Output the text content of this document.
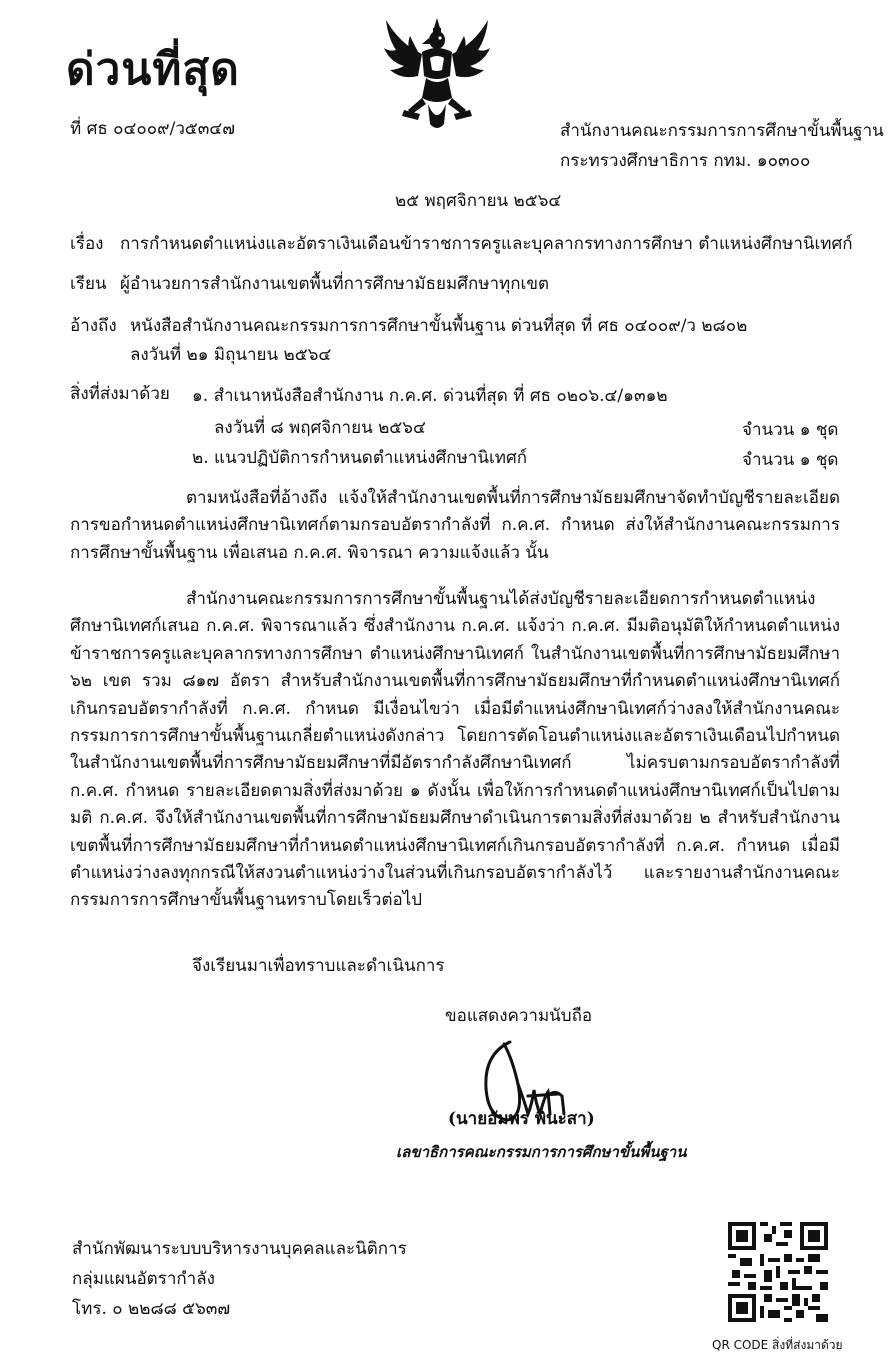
ด่วนที่สุด
ที่ ศธ ๐๔๐๐๙/ว๕๓๔๗	สำนักงานคณะกรรมการการศึกษาขั้นพื้นฐาน
กระทรวงศึกษาธิการ กทม. ๑๐๓๐๐
๒๕ พฤศจิกายน ๒๕๖๔
เรื่อง การกำหนดตำแหน่งและอัตราเงินเดือนข้าราชการครูและบุคลากรทางการศึกษา ตำแหน่งศึกษานิเทศก์
เรียน ผู้อำนวยการสำนักงานเขตพื้นที่การศึกษามัธยมศึกษาทุกเขต
อ้างถึง หนังสือสำนักงานคณะกรรมการการศึกษาขั้นพื้นฐาน ด่วนที่สุด ที่ ศธ ๐๔๐๐๙/ว ๒๘๐๒
ลงวันที่ ๒๑ มิถุนายน ๒๕๖๔
สิ่งที่ส่งมาด้วย ๑. สำเนาหนังสือสำนักงาน ก.ค.ศ. ด่วนที่สุด ที่ ศธ ๐๒๐๖.๔/๑๓๑๒
ลงวันที่ ๘ พฤศจิกายน ๒๕๖๔	จำนวน ๑ ชุด
๒. แนวปฏิบัติการกำหนดตำแหน่งศึกษานิเทศก์	จำนวน ๑ ชุด
ตามหนังสือที่อ้างถึง แจ้งให้สำนักงานเขตพื้นที่การศึกษามัธยมศึกษาจัดทำบัญชีรายละเอียดการขอกำหนดตำแหน่งศึกษานิเทศก์ตามกรอบอัตรากำลังที่ ก.ค.ศ. กำหนด ส่งให้สำนักงานคณะกรรมการการศึกษาขั้นพื้นฐาน เพื่อเสนอ ก.ค.ศ. พิจารณา ความแจ้งแล้ว นั้น
สำนักงานคณะกรรมการการศึกษาขั้นพื้นฐานได้ส่งบัญชีรายละเอียดการกำหนดตำแหน่งศึกษานิเทศก์เสนอ ก.ค.ศ. พิจารณาแล้ว ซึ่งสำนักงาน ก.ค.ศ. แจ้งว่า ก.ค.ศ. มีมติอนุมัติให้กำหนดตำแหน่งข้าราชการครูและบุคลากรทางการศึกษา ตำแหน่งศึกษานิเทศก์ ในสำนักงานเขตพื้นที่การศึกษามัธยมศึกษา ๖๒ เขต รวม ๘๑๗ อัตรา สำหรับสำนักงานเขตพื้นที่การศึกษามัธยมศึกษาที่กำหนดตำแหน่งศึกษานิเทศก์เกินกรอบอัตรากำลังที่ ก.ค.ศ. กำหนด มีเงื่อนไขว่า เมื่อมีตำแหน่งศึกษานิเทศก์ว่างลงให้สำนักงานคณะกรรมการการศึกษาขั้นพื้นฐานเกลี่ยตำแหน่งดังกล่าว โดยการตัดโอนตำแหน่งและอัตราเงินเดือนไปกำหนดในสำนักงานเขตพื้นที่การศึกษามัธยมศึกษาที่มีอัตรากำลังศึกษานิเทศก์ ไม่ครบตามกรอบอัตรากำลังที่ ก.ค.ศ. กำหนด รายละเอียดตามสิ่งที่ส่งมาด้วย ๑ ดังนั้น เพื่อให้การกำหนดตำแหน่งศึกษานิเทศก์เป็นไปตามมติ ก.ค.ศ. จึงให้สำนักงานเขตพื้นที่การศึกษามัธยมศึกษาดำเนินการตามสิ่งที่ส่งมาด้วย ๒ สำหรับสำนักงานเขตพื้นที่การศึกษามัธยมศึกษาที่กำหนดตำแหน่งศึกษานิเทศก์เกินกรอบอัตรากำลังที่ ก.ค.ศ. กำหนด เมื่อมีตำแหน่งว่างลงทุกกรณีให้สงวนตำแหน่งว่างในส่วนที่เกินกรอบอัตรากำลังไว้ และรายงานสำนักงานคณะกรรมการการศึกษาขั้นพื้นฐานทราบโดยเร็วต่อไป
จึงเรียนมาเพื่อทราบและดำเนินการ
ขอแสดงความนับถือ
(นายอัมพร พินะสา)
เลขาธิการคณะกรรมการการศึกษาขั้นพื้นฐาน
สำนักพัฒนาระบบบริหารงานบุคคลและนิติการ
กลุ่มแผนอัตรากำลัง
โทร. ๐ ๒๒๘๘ ๕๖๓๗
QR CODE สิ่งที่ส่งมาด้วย
